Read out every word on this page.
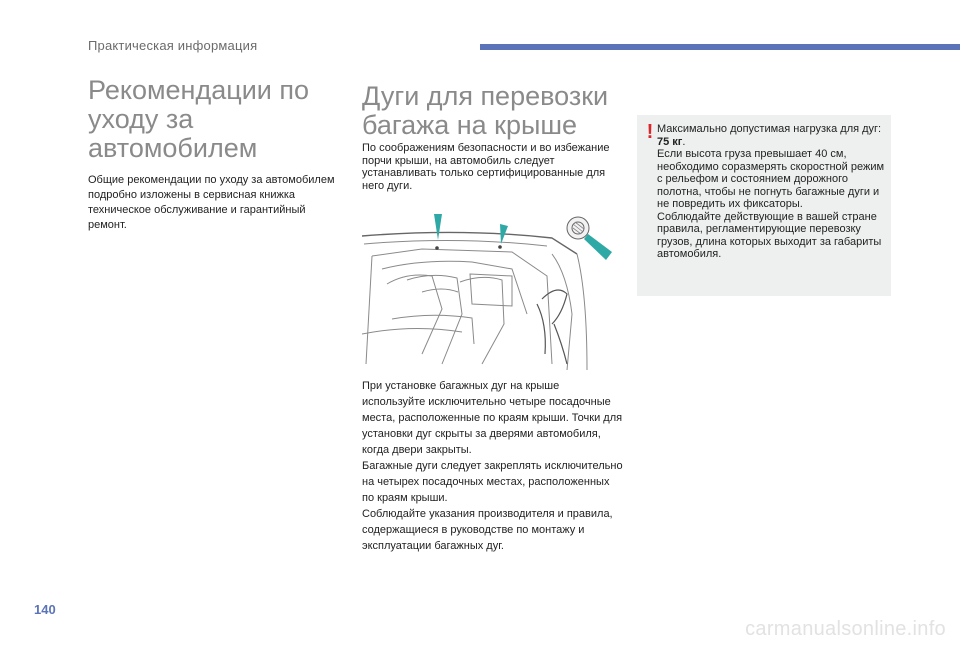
Практическая информация
Рекомендации по уходу за автомобилем

Общие рекомендации по уходу за автомобилем подробно изложены в сервисная книжка техническое обслуживание и гарантийный ремонт.

Дуги для перевозки багажа на крыше

По соображениям безопасности и во избежание порчи крыши, на автомобиль следует устанавливать только сертифицированные для него дуги.

При установке багажных дуг на крыше используйте исключительно четыре посадочные места, расположенные по краям крыши. Точки для установки дуг скрыты за дверями автомобиля, когда двери закрыты.
Багажные дуги следует закреплять исключительно на четырех посадочных местах, расположенных по краям крыши.
Соблюдайте указания производителя и правила, содержащиеся в руководстве по монтажу и эксплуатации багажных дуг.

! Максимально допустимая нагрузка для дуг: 75 кг.
Если высота груза превышает 40 см, необходимо соразмерять скоростной режим с рельефом и состоянием дорожного полотна, чтобы не погнуть багажные дуги и не повредить их фиксаторы.
Соблюдайте действующие в вашей стране правила, регламентирующие перевозку грузов, длина которых выходит за габариты автомобиля.

140
carmanualsonline.info
